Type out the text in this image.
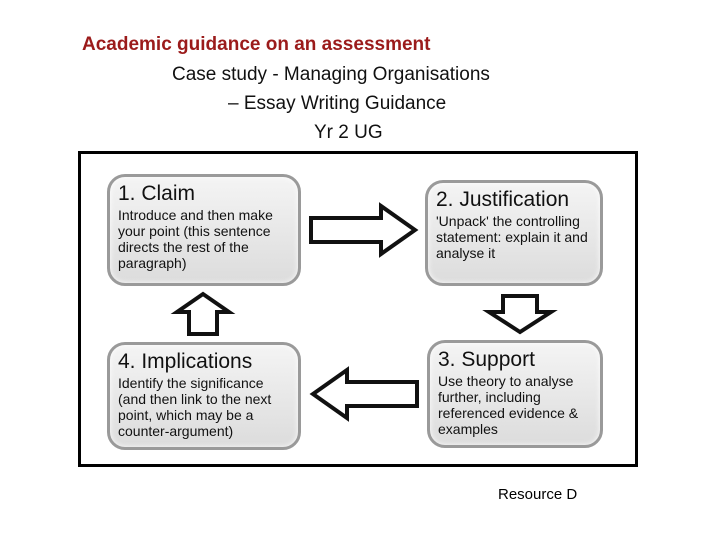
Academic guidance on an assessment
Case study - Managing Organisations
– Essay Writing Guidance
Yr 2 UG
1. Claim

Introduce and then make your point (this sentence directs the rest of the paragraph)

2. Justification

'Unpack' the controlling statement: explain it and analyse it

3. Support

Use theory to analyse further, including referenced evidence & examples

4. Implications

Identify the significance (and then link to the next point, which may be a counter-argument)

Resource D
